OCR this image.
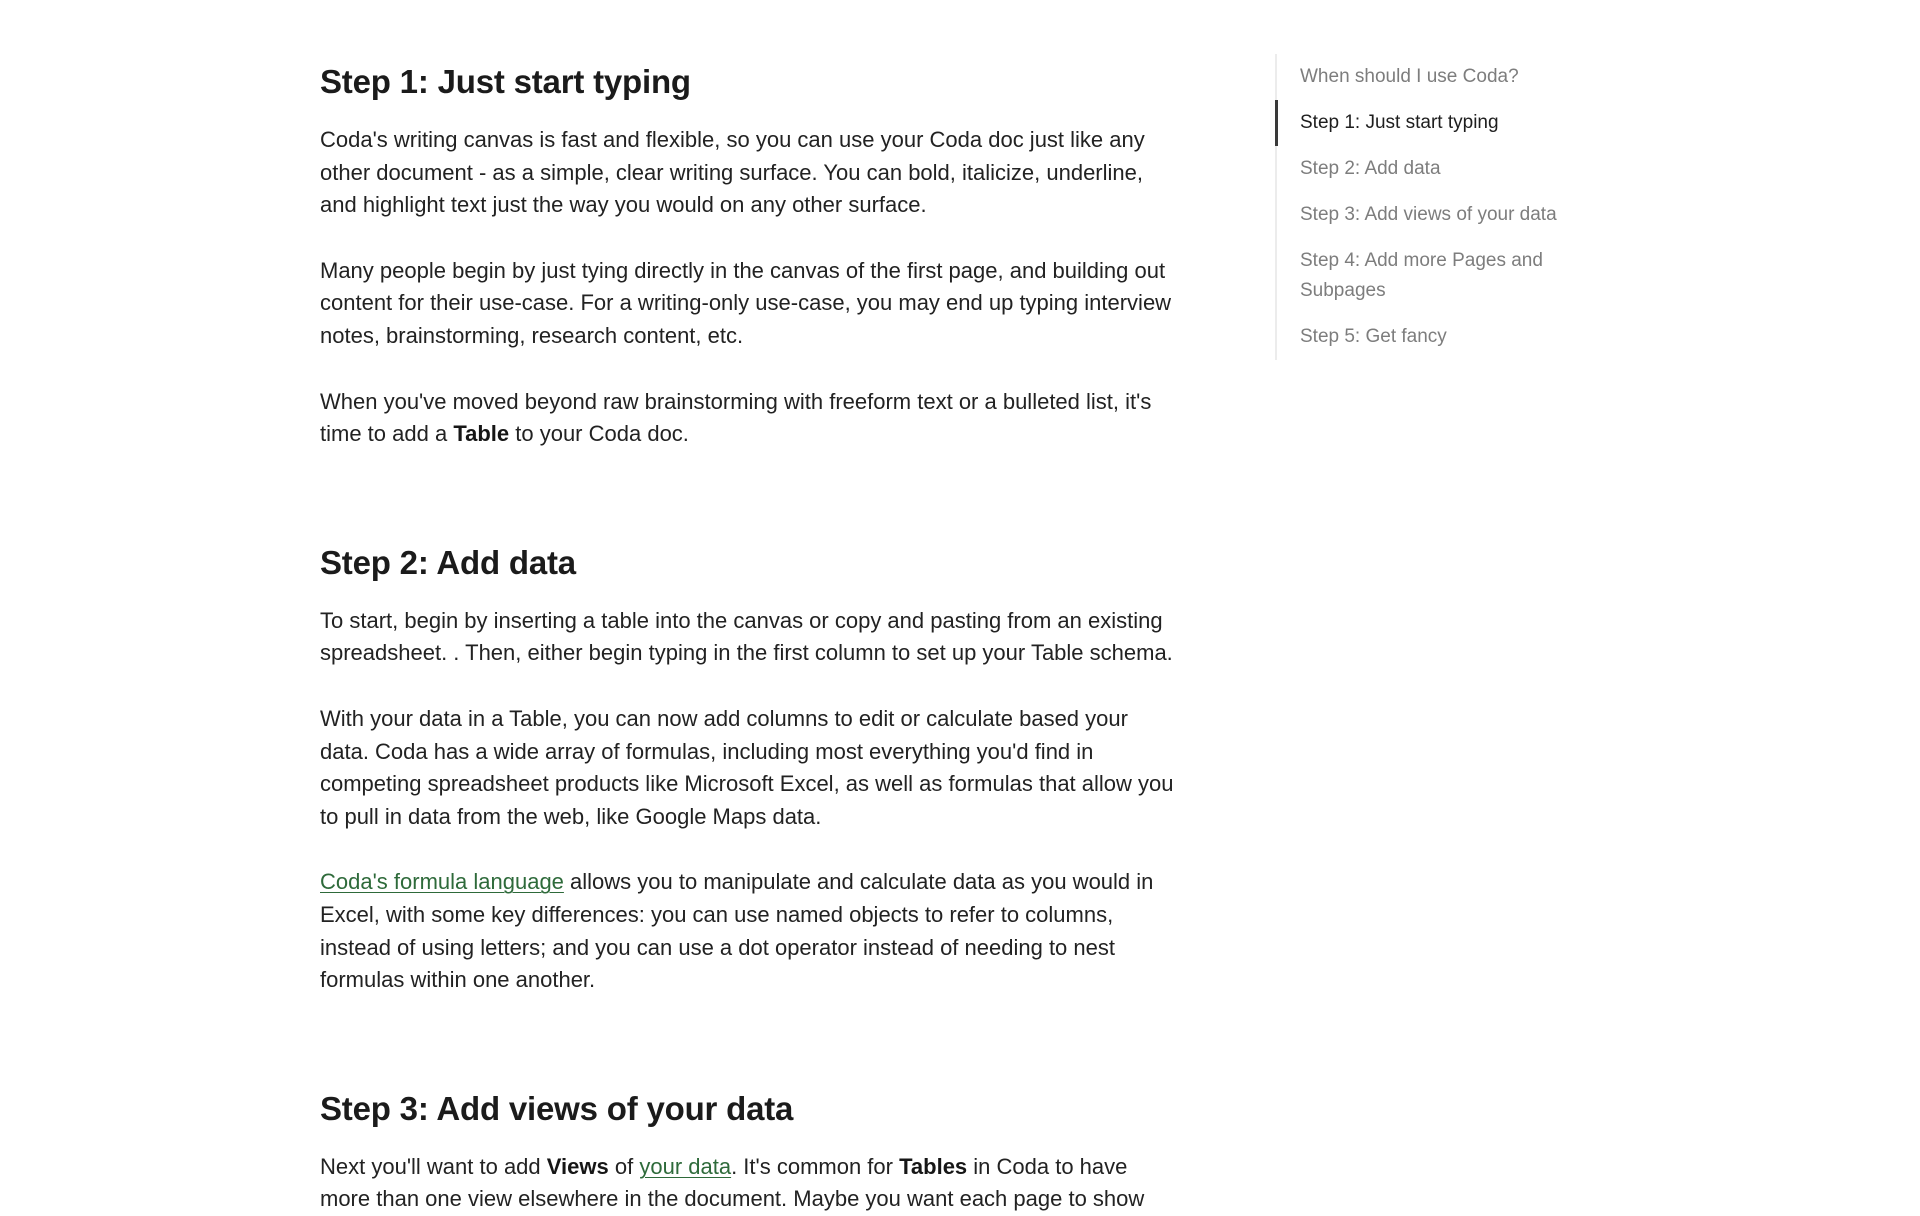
Step 1: Just start typing

Coda's writing canvas is fast and flexible, so you can use your Coda doc just like any other document - as a simple, clear writing surface. You can bold, italicize, underline, and highlight text just the way you would on any other surface.

Many people begin by just tying directly in the canvas of the first page, and building out content for their use-case. For a writing-only use-case, you may end up typing interview notes, brainstorming, research content, etc.

When you've moved beyond raw brainstorming with freeform text or a bulleted list, it's time to add a Table to your Coda doc.

Step 2: Add data

To start, begin by inserting a table into the canvas or copy and pasting from an existing spreadsheet. . Then, either begin typing in the first column to set up your Table schema.

With your data in a Table, you can now add columns to edit or calculate based your data. Coda has a wide array of formulas, including most everything you'd find in competing spreadsheet products like Microsoft Excel, as well as formulas that allow you to pull in data from the web, like Google Maps data.

Coda's formula language allows you to manipulate and calculate data as you would in Excel, with some key differences: you can use named objects to refer to columns, instead of using letters; and you can use a dot operator instead of needing to nest formulas within one another.

Step 3: Add views of your data

Next you'll want to add Views of your data. It's common for Tables in Coda to have more than one view elsewhere in the document. Maybe you want each page to show

When should I use Coda?
Step 1: Just start typing
Step 2: Add data
Step 3: Add views of your data
Step 4: Add more Pages and Subpages
Step 5: Get fancy
